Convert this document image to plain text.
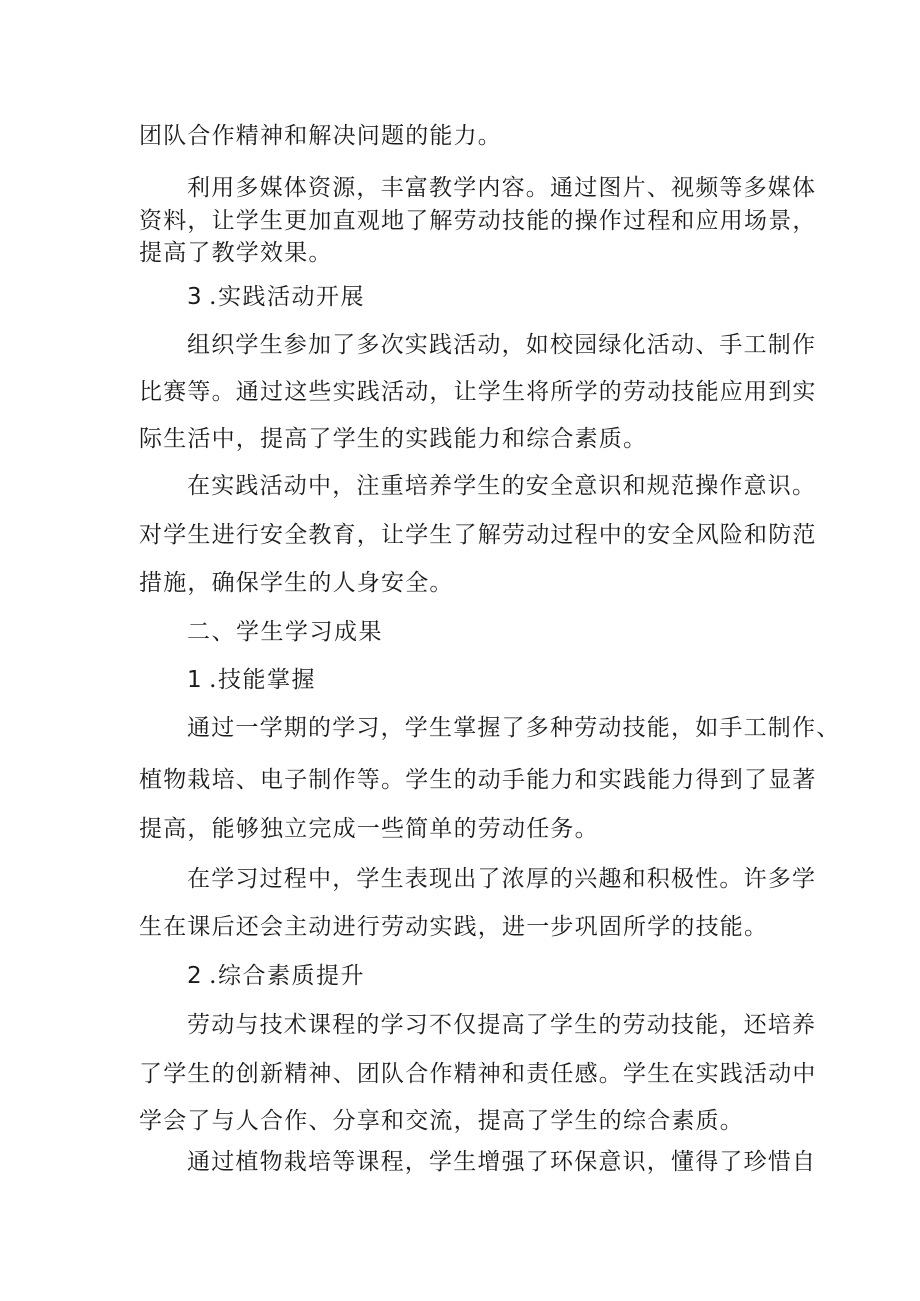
团队合作精神和解决问题的能力。
利用多媒体资源，丰富教学内容。通过图片、视频等多媒体
资料，让学生更加直观地了解劳动技能的操作过程和应用场景，
提高了教学效果。
3 .实践活动开展
组织学生参加了多次实践活动，如校园绿化活动、手工制作
比赛等。通过这些实践活动，让学生将所学的劳动技能应用到实
际生活中，提高了学生的实践能力和综合素质。
在实践活动中，注重培养学生的安全意识和规范操作意识。
对学生进行安全教育，让学生了解劳动过程中的安全风险和防范
措施，确保学生的人身安全。
二、学生学习成果
1 .技能掌握
通过一学期的学习，学生掌握了多种劳动技能，如手工制作、
植物栽培、电子制作等。学生的动手能力和实践能力得到了显著
提高，能够独立完成一些简单的劳动任务。
在学习过程中，学生表现出了浓厚的兴趣和积极性。许多学
生在课后还会主动进行劳动实践，进一步巩固所学的技能。
2 .综合素质提升
劳动与技术课程的学习不仅提高了学生的劳动技能，还培养
了学生的创新精神、团队合作精神和责任感。学生在实践活动中
学会了与人合作、分享和交流，提高了学生的综合素质。
通过植物栽培等课程，学生增强了环保意识，懂得了珍惜自
